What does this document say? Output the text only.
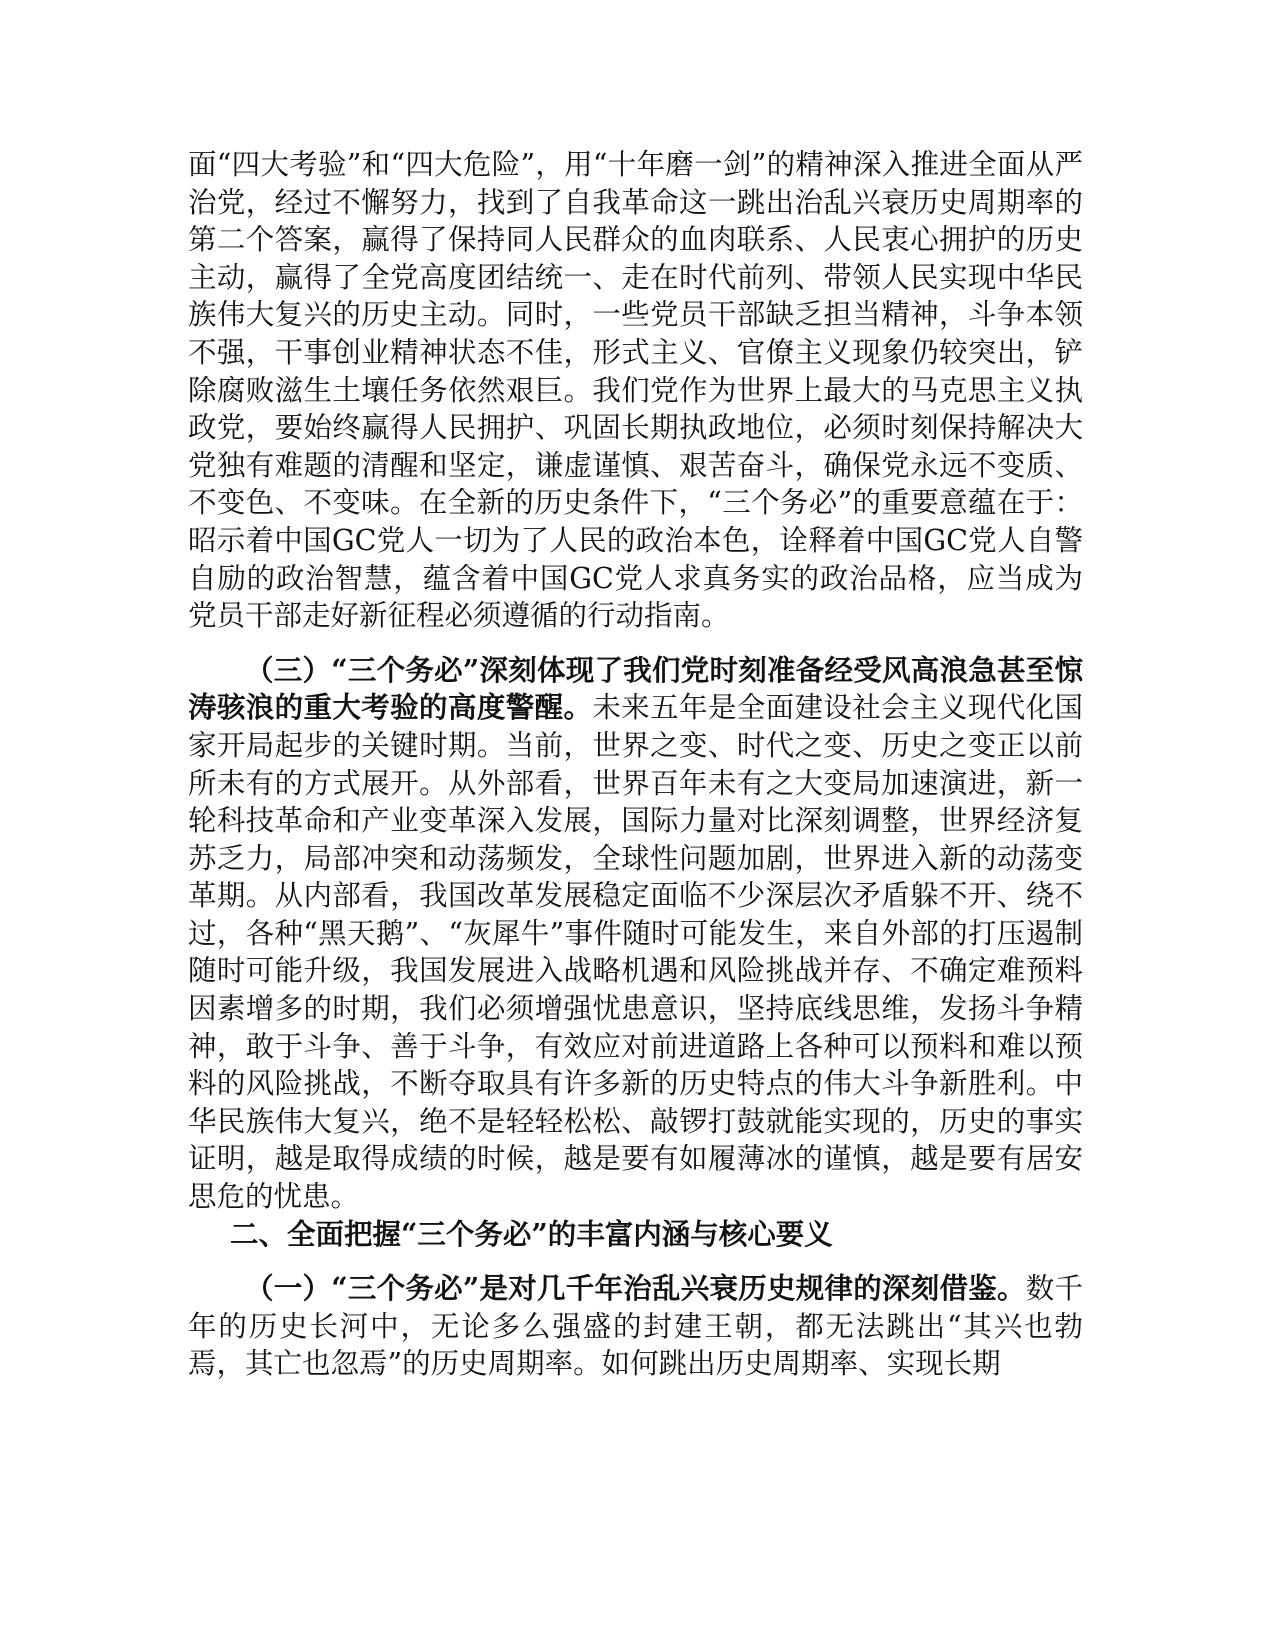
面“四大考验”和“四大危险”，用“十年磨一剑”的精神深入推进全面从严治党，经过不懈努力，找到了自我革命这一跳出治乱兴衰历史周期率的第二个答案，赢得了保持同人民群众的血肉联系、人民衷心拥护的历史主动，赢得了全党高度团结统一、走在时代前列、带领人民实现中华民族伟大复兴的历史主动。同时，一些党员干部缺乏担当精神，斗争本领不强，干事创业精神状态不佳，形式主义、官僚主义现象仍较突出，铲除腐败滋生土壤任务依然艰巨。我们党作为世界上最大的马克思主义执政党，要始终赢得人民拥护、巩固长期执政地位，必须时刻保持解决大党独有难题的清醒和坚定，谦虚谨慎、艰苦奋斗，确保党永远不变质、不变色、不变味。在全新的历史条件下，“三个务必”的重要意蕴在于：昭示着中国GC党人一切为了人民的政治本色，诠释着中国GC党人自警自励的政治智慧，蕴含着中国GC党人求真务实的政治品格，应当成为党员干部走好新征程必须遵循的行动指南。

（三）“三个务必”深刻体现了我们党时刻准备经受风高浪急甚至惊涛骇浪的重大考验的高度警醒。未来五年是全面建设社会主义现代化国家开局起步的关键时期。当前，世界之变、时代之变、历史之变正以前所未有的方式展开。从外部看，世界百年未有之大变局加速演进，新一轮科技革命和产业变革深入发展，国际力量对比深刻调整，世界经济复苏乏力，局部冲突和动荡频发，全球性问题加剧，世界进入新的动荡变革期。从内部看，我国改革发展稳定面临不少深层次矛盾躲不开、绕不过，各种“黑天鹅”、“灰犀牛”事件随时可能发生，来自外部的打压遏制随时可能升级，我国发展进入战略机遇和风险挑战并存、不确定难预料因素增多的时期，我们必须增强忧患意识，坚持底线思维，发扬斗争精神，敢于斗争、善于斗争，有效应对前进道路上各种可以预料和难以预料的风险挑战，不断夺取具有许多新的历史特点的伟大斗争新胜利。中华民族伟大复兴，绝不是轻轻松松、敲锣打鼓就能实现的，历史的事实证明，越是取得成绩的时候，越是要有如履薄冰的谨慎，越是要有居安思危的忧患。

二、全面把握“三个务必”的丰富内涵与核心要义

（一）“三个务必”是对几千年治乱兴衰历史规律的深刻借鉴。数千年的历史长河中，无论多么强盛的封建王朝，都无法跳出“其兴也勃焉，其亡也忽焉”的历史周期率。如何跳出历史周期率、实现长期
